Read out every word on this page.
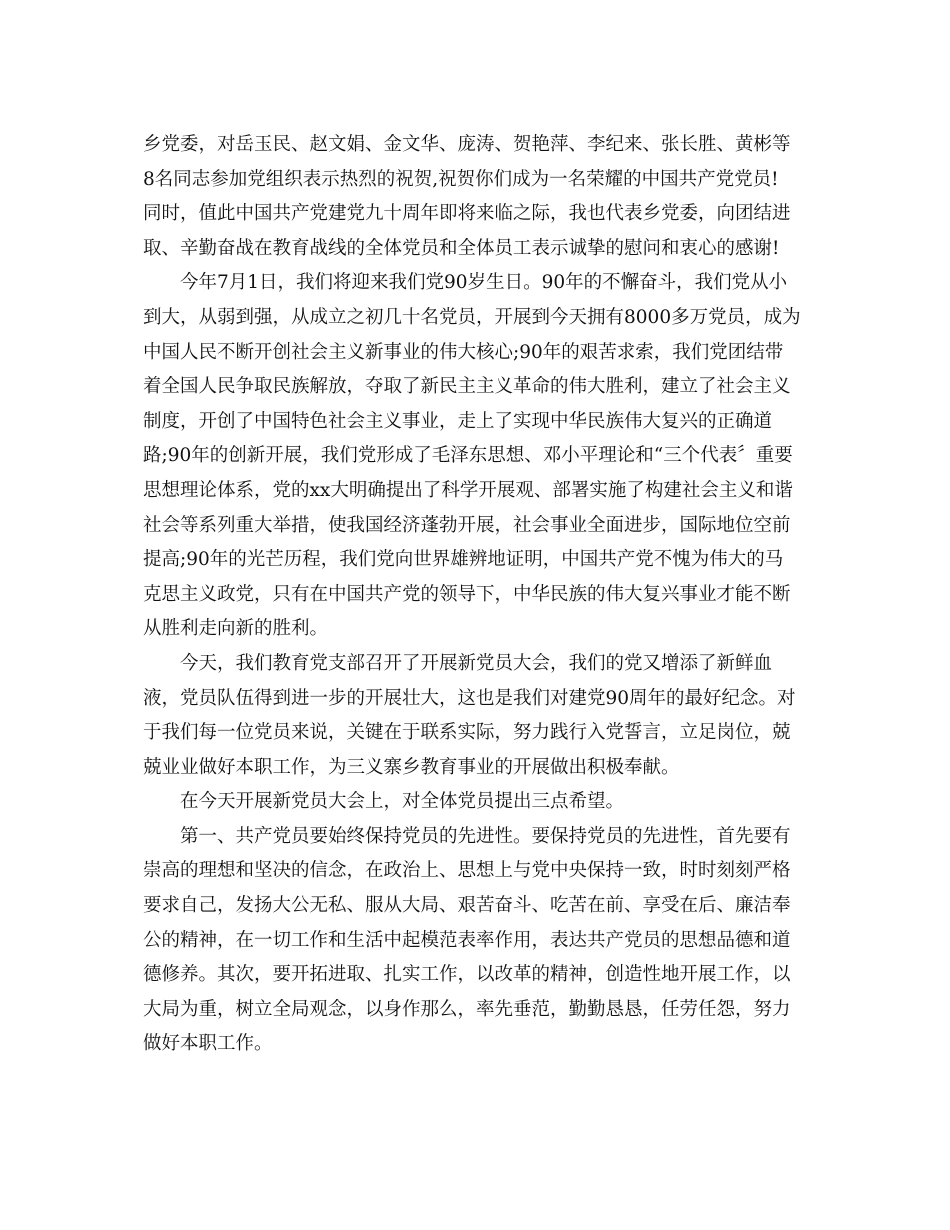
乡党委，对岳玉民、赵文娟、金文华、庞涛、贺艳萍、李纪来、张长胜、黄彬等
8名同志参加党组织表示热烈的祝贺,祝贺你们成为一名荣耀的中国共产党党员!
同时，值此中国共产党建党九十周年即将来临之际，我也代表乡党委，向团结进
取、辛勤奋战在教育战线的全体党员和全体员工表示诚挚的慰问和衷心的感谢!
今年7月1日，我们将迎来我们党90岁生日。90年的不懈奋斗，我们党从小
到大，从弱到强，从成立之初几十名党员，开展到今天拥有8000多万党员，成为
中国人民不断开创社会主义新事业的伟大核心;90年的艰苦求索，我们党团结带
着全国人民争取民族解放，夺取了新民主主义革命的伟大胜利，建立了社会主义
制度，开创了中国特色社会主义事业，走上了实现中华民族伟大复兴的正确道
路;90年的创新开展，我们党形成了毛泽东思想、邓小平理论和“三个代表〞重要
思想理论体系，党的xx大明确提出了科学开展观、部署实施了构建社会主义和谐
社会等系列重大举措，使我国经济蓬勃开展，社会事业全面进步，国际地位空前
提高;90年的光芒历程，我们党向世界雄辨地证明，中国共产党不愧为伟大的马
克思主义政党，只有在中国共产党的领导下，中华民族的伟大复兴事业才能不断
从胜利走向新的胜利。
今天，我们教育党支部召开了开展新党员大会，我们的党又增添了新鲜血
液，党员队伍得到进一步的开展壮大，这也是我们对建党90周年的最好纪念。对
于我们每一位党员来说，关键在于联系实际，努力践行入党誓言，立足岗位，兢
兢业业做好本职工作，为三义寨乡教育事业的开展做出积极奉献。
在今天开展新党员大会上，对全体党员提出三点希望。
第一、共产党员要始终保持党员的先进性。要保持党员的先进性，首先要有
崇高的理想和坚决的信念，在政治上、思想上与党中央保持一致，时时刻刻严格
要求自己，发扬大公无私、服从大局、艰苦奋斗、吃苦在前、享受在后、廉洁奉
公的精神，在一切工作和生活中起模范表率作用，表达共产党员的思想品德和道
德修养。其次，要开拓进取、扎实工作，以改革的精神，创造性地开展工作，以
大局为重，树立全局观念，以身作那么，率先垂范，勤勤恳恳，任劳任怨，努力
做好本职工作。
